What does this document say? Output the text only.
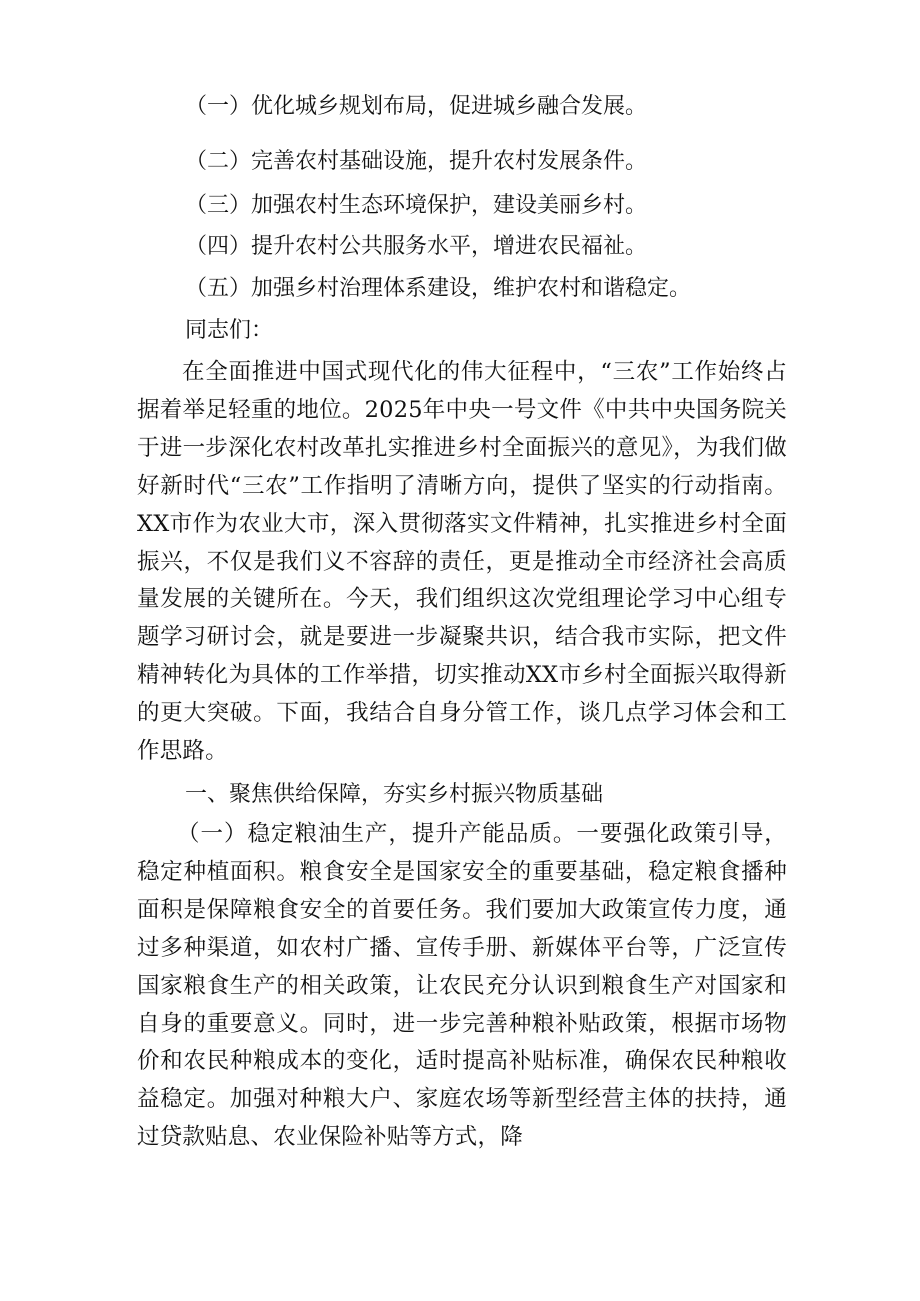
（一）优化城乡规划布局，促进城乡融合发展。
（二）完善农村基础设施，提升农村发展条件。
（三）加强农村生态环境保护，建设美丽乡村。
（四）提升农村公共服务水平，增进农民福祉。
（五）加强乡村治理体系建设，维护农村和谐稳定。
同志们：
在全面推进中国式现代化的伟大征程中，“三农”工作始终占据着举足轻重的地位。2025年中央一号文件《中共中央国务院关于进一步深化农村改革扎实推进乡村全面振兴的意见》，为我们做好新时代“三农”工作指明了清晰方向，提供了坚实的行动指南。XX市作为农业大市，深入贯彻落实文件精神，扎实推进乡村全面振兴，不仅是我们义不容辞的责任，更是推动全市经济社会高质量发展的关键所在。今天，我们组织这次党组理论学习中心组专题学习研讨会，就是要进一步凝聚共识，结合我市实际，把文件精神转化为具体的工作举措，切实推动XX市乡村全面振兴取得新的更大突破。下面，我结合自身分管工作，谈几点学习体会和工作思路。
一、聚焦供给保障，夯实乡村振兴物质基础
（一）稳定粮油生产，提升产能品质。一要强化政策引导，稳定种植面积。粮食安全是国家安全的重要基础，稳定粮食播种面积是保障粮食安全的首要任务。我们要加大政策宣传力度，通过多种渠道，如农村广播、宣传手册、新媒体平台等，广泛宣传国家粮食生产的相关政策，让农民充分认识到粮食生产对国家和自身的重要意义。同时，进一步完善种粮补贴政策，根据市场物价和农民种粮成本的变化，适时提高补贴标准，确保农民种粮收益稳定。加强对种粮大户、家庭农场等新型经营主体的扶持，通过贷款贴息、农业保险补贴等方式，降
